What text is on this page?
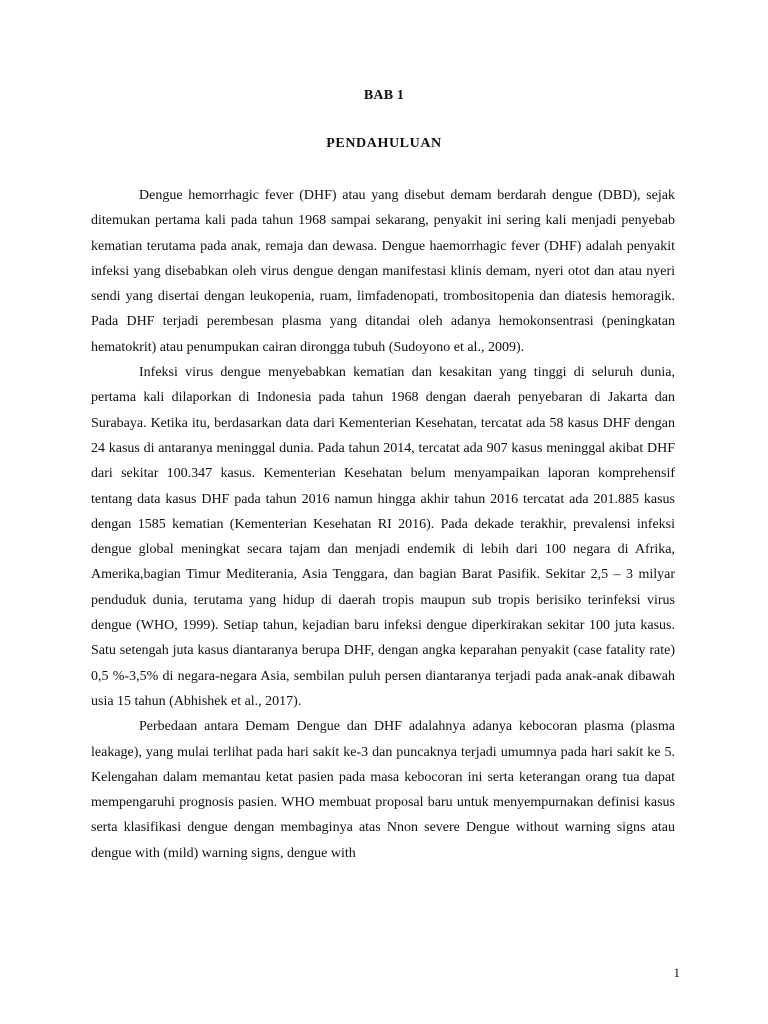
BAB 1
PENDAHULUAN

Dengue hemorrhagic fever (DHF) atau yang disebut demam berdarah dengue (DBD), sejak ditemukan pertama kali pada tahun 1968 sampai sekarang, penyakit ini sering kali menjadi penyebab kematian terutama pada anak, remaja dan dewasa. Dengue haemorrhagic fever (DHF) adalah penyakit infeksi yang disebabkan oleh virus dengue dengan manifestasi klinis demam, nyeri otot dan atau nyeri sendi yang disertai dengan leukopenia, ruam, limfadenopati, trombositopenia dan diatesis hemoragik. Pada DHF terjadi perembesan plasma yang ditandai oleh adanya hemokonsentrasi (peningkatan hematokrit) atau penumpukan cairan dirongga tubuh (Sudoyono et al., 2009).

Infeksi virus dengue menyebabkan kematian dan kesakitan yang tinggi di seluruh dunia, pertama kali dilaporkan di Indonesia pada tahun 1968 dengan daerah penyebaran di Jakarta dan Surabaya. Ketika itu, berdasarkan data dari Kementerian Kesehatan, tercatat ada 58 kasus DHF dengan 24 kasus di antaranya meninggal dunia. Pada tahun 2014, tercatat ada 907 kasus meninggal akibat DHF dari sekitar 100.347 kasus. Kementerian Kesehatan belum menyampaikan laporan komprehensif tentang data kasus DHF pada tahun 2016 namun hingga akhir tahun 2016 tercatat ada 201.885 kasus dengan 1585 kematian (Kementerian Kesehatan RI 2016). Pada dekade terakhir, prevalensi infeksi dengue global meningkat secara tajam dan menjadi endemik di lebih dari 100 negara di Afrika, Amerika,bagian Timur Mediterania, Asia Tenggara, dan bagian Barat Pasifik. Sekitar 2,5 – 3 milyar penduduk dunia, terutama yang hidup di daerah tropis maupun sub tropis berisiko terinfeksi virus dengue (WHO, 1999). Setiap tahun, kejadian baru infeksi dengue diperkirakan sekitar 100 juta kasus. Satu setengah juta kasus diantaranya berupa DHF, dengan angka keparahan penyakit (case fatality rate) 0,5 %-3,5% di negara-negara Asia, sembilan puluh persen diantaranya terjadi pada anak-anak dibawah usia 15 tahun (Abhishek et al., 2017).

Perbedaan antara Demam Dengue dan DHF adalahnya adanya kebocoran plasma (plasma leakage), yang mulai terlihat pada hari sakit ke-3 dan puncaknya terjadi umumnya pada hari sakit ke 5. Kelengahan dalam memantau ketat pasien pada masa kebocoran ini serta keterangan orang tua dapat mempengaruhi prognosis pasien. WHO membuat proposal baru untuk menyempurnakan definisi kasus serta klasifikasi dengue dengan membaginya atas Nnon severe Dengue without warning signs atau dengue with (mild) warning signs, dengue with

1
